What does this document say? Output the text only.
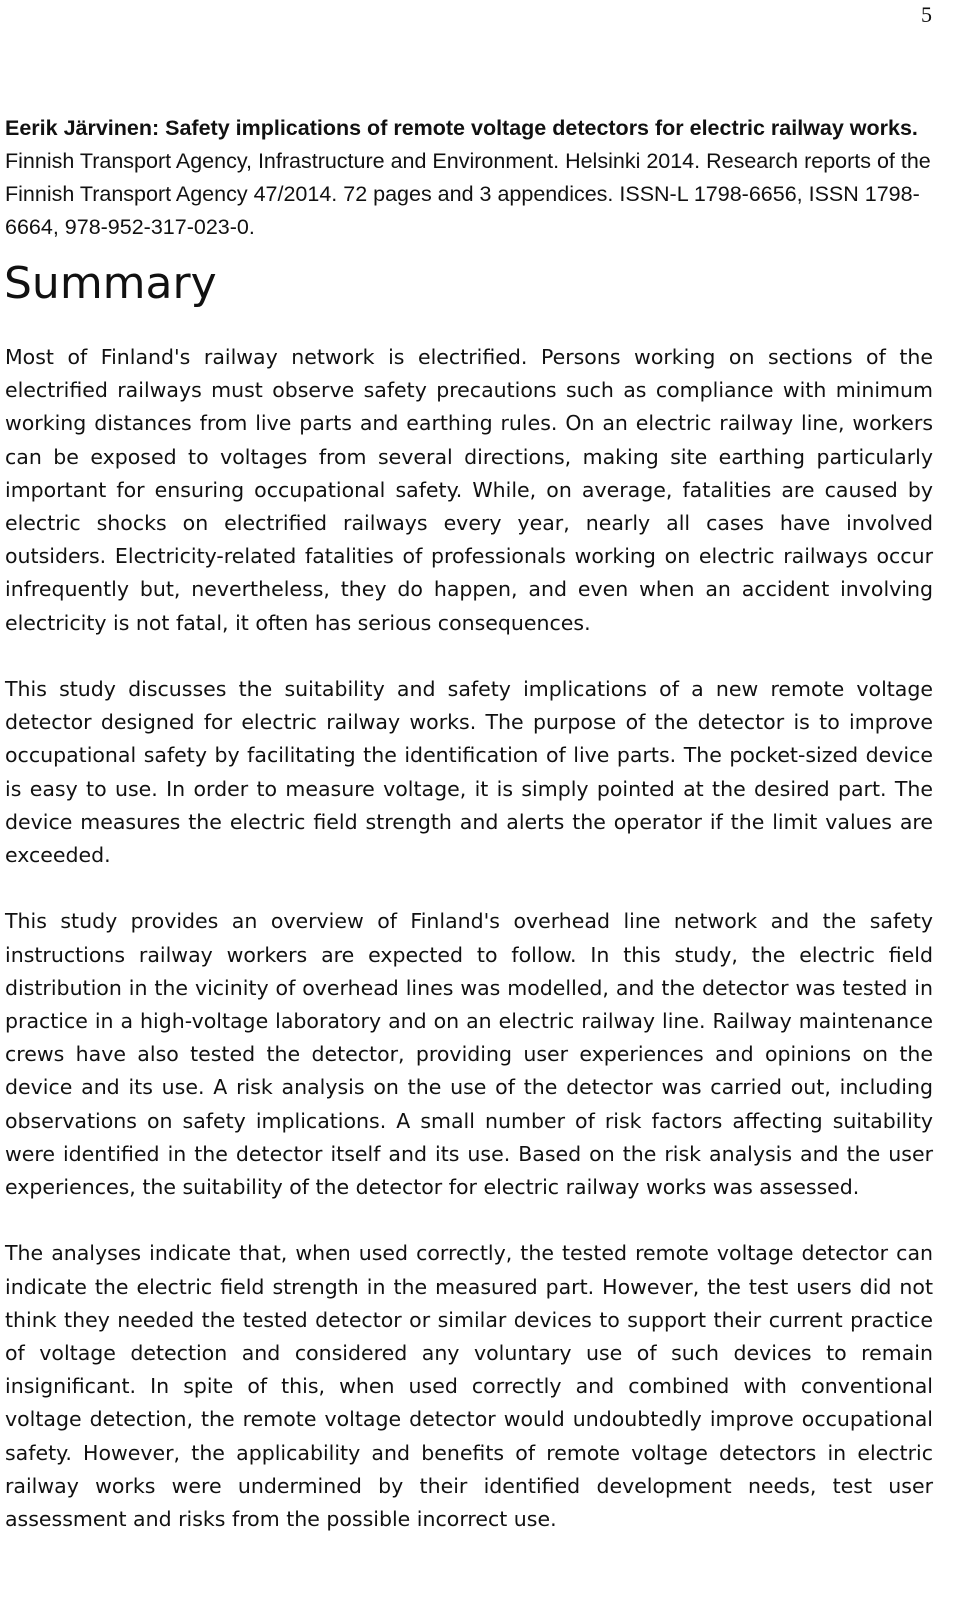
5

Eerik Järvinen: Safety implications of remote voltage detectors for electric railway works. Finnish Transport Agency, Infrastructure and Environment. Helsinki 2014. Research reports of the Finnish Transport Agency 47/2014. 72 pages and 3 appendices. ISSN-L 1798-6656, ISSN 1798-6664, 978-952-317-023-0.

Summary

Most of Finland's railway network is electrified. Persons working on sections of the electrified railways must observe safety precautions such as compliance with minimum working distances from live parts and earthing rules. On an electric railway line, workers can be exposed to voltages from several directions, making site earthing particularly important for ensuring occupational safety. While, on average, fatalities are caused by electric shocks on electrified railways every year, nearly all cases have involved outsiders. Electricity-related fatalities of professionals working on electric railways occur infrequently but, nevertheless, they do happen, and even when an accident involving electricity is not fatal, it often has serious consequences.

This study discusses the suitability and safety implications of a new remote voltage detector designed for electric railway works. The purpose of the detector is to improve occupational safety by facilitating the identification of live parts. The pocket-sized device is easy to use. In order to measure voltage, it is simply pointed at the desired part. The device measures the electric field strength and alerts the operator if the limit values are exceeded.

This study provides an overview of Finland's overhead line network and the safety instructions railway workers are expected to follow. In this study, the electric field distribution in the vicinity of overhead lines was modelled, and the detector was tested in practice in a high-voltage laboratory and on an electric railway line. Railway maintenance crews have also tested the detector, providing user experiences and opinions on the device and its use. A risk analysis on the use of the detector was carried out, including observations on safety implications. A small number of risk factors affecting suitability were identified in the detector itself and its use. Based on the risk analysis and the user experiences, the suitability of the detector for electric railway works was assessed.

The analyses indicate that, when used correctly, the tested remote voltage detector can indicate the electric field strength in the measured part. However, the test users did not think they needed the tested detector or similar devices to support their current practice of voltage detection and considered any voluntary use of such devices to remain insignificant. In spite of this, when used correctly and combined with conventional voltage detection, the remote voltage detector would undoubtedly improve occupational safety. However, the applicability and benefits of remote voltage detectors in electric railway works were undermined by their identified development needs, test user assessment and risks from the possible incorrect use.
